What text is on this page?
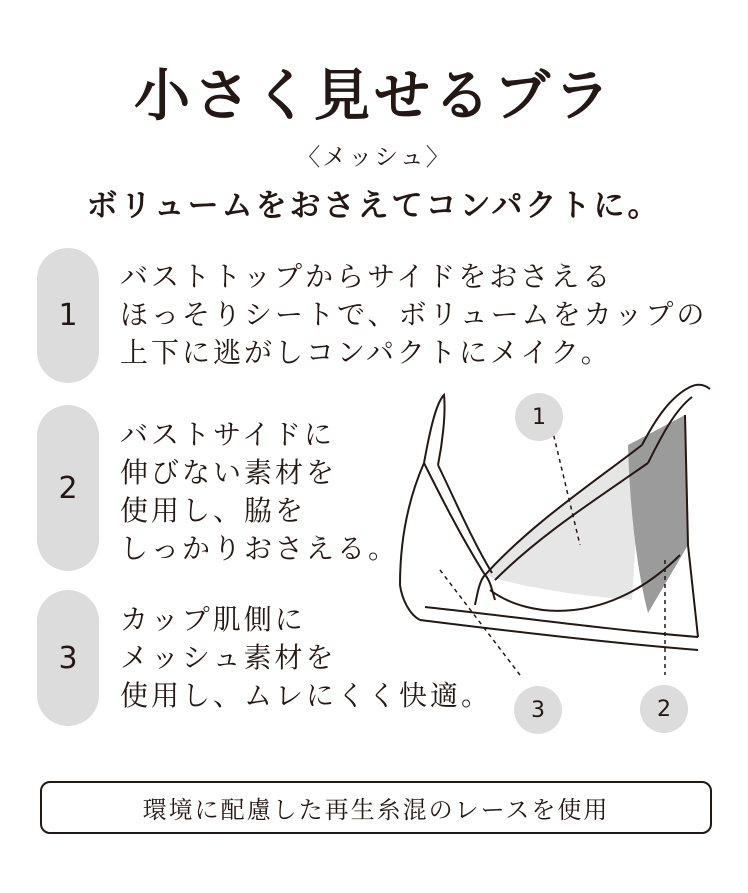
小さく見せるブラ
〈メッシュ〉
ボリュームをおさえてコンパクトに。
1
バストトップからサイドをおさえる
ほっそりシートで、ボリュームをカップの
上下に逃がしコンパクトにメイク。
2
バストサイドに
伸びない素材を
使用し、脇を
しっかりおさえる。
3
カップ肌側に
メッシュ素材を
使用し、ムレにくく快適。
1
3	2
環境に配慮した再生糸混のレースを使用
